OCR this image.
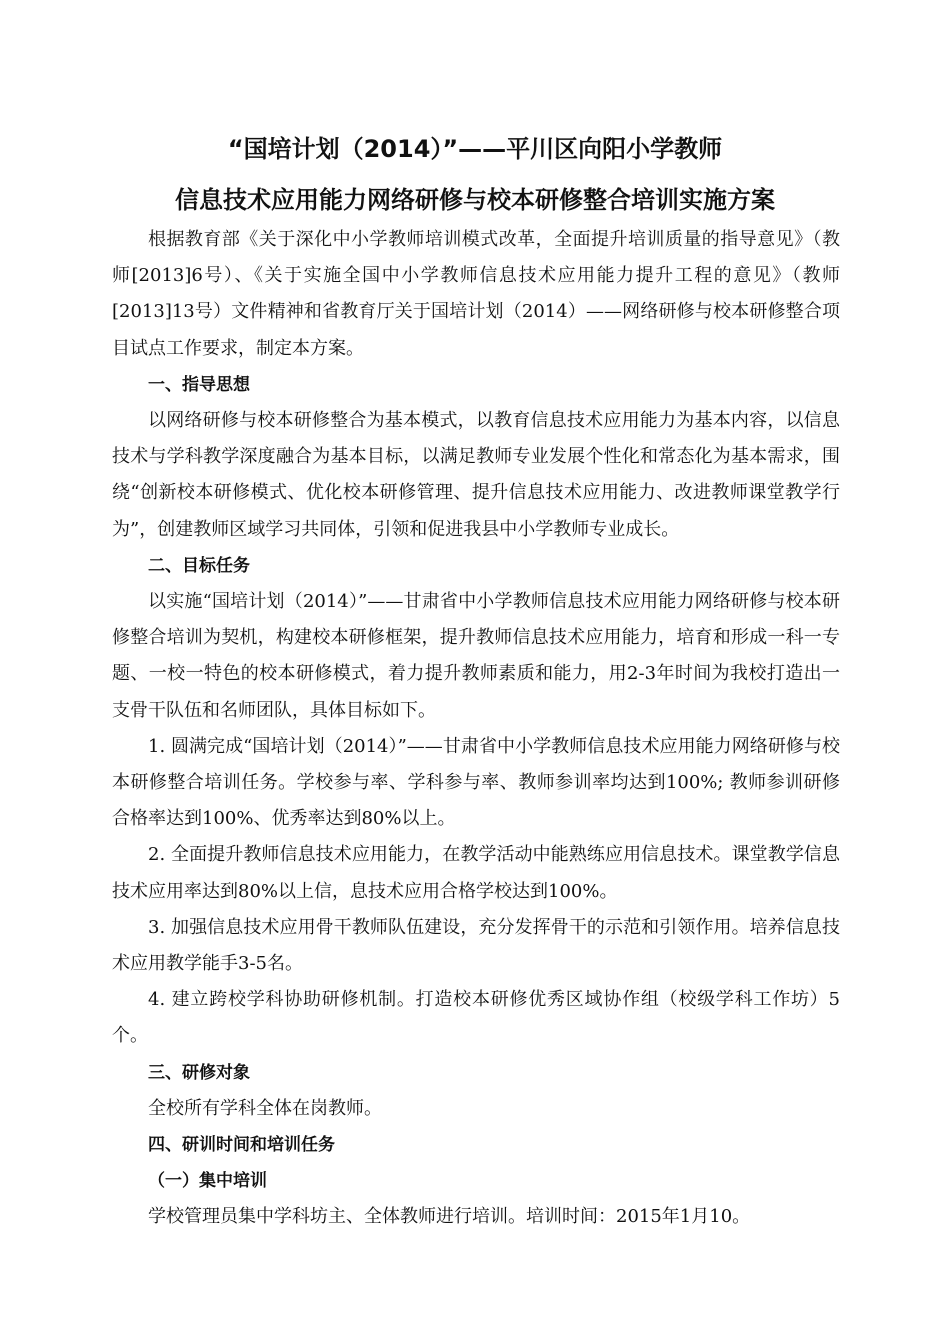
“国培计划（2014）”——平川区向阳小学教师
信息技术应用能力网络研修与校本研修整合培训实施方案

根据教育部《关于深化中小学教师培训模式改革，全面提升培训质量的指导意见》（教师[2013]6号）、《关于实施全国中小学教师信息技术应用能力提升工程的意见》（教师[2013]13号）文件精神和省教育厅关于国培计划（2014）——网络研修与校本研修整合项目试点工作要求，制定本方案。

一、指导思想

以网络研修与校本研修整合为基本模式，以教育信息技术应用能力为基本内容，以信息技术与学科教学深度融合为基本目标，以满足教师专业发展个性化和常态化为基本需求，围绕“创新校本研修模式、优化校本研修管理、提升信息技术应用能力、改进教师课堂教学行为”，创建教师区域学习共同体，引领和促进我县中小学教师专业成长。

二、目标任务

以实施“国培计划（2014）”——甘肃省中小学教师信息技术应用能力网络研修与校本研修整合培训为契机，构建校本研修框架，提升教师信息技术应用能力，培育和形成一科一专题、一校一特色的校本研修模式，着力提升教师素质和能力，用2-3年时间为我校打造出一支骨干队伍和名师团队，具体目标如下。

1. 圆满完成“国培计划（2014）”——甘肃省中小学教师信息技术应用能力网络研修与校本研修整合培训任务。学校参与率、学科参与率、教师参训率均达到100%; 教师参训研修合格率达到100%、优秀率达到80%以上。

2. 全面提升教师信息技术应用能力，在教学活动中能熟练应用信息技术。课堂教学信息技术应用率达到80%以上信，息技术应用合格学校达到100%。

3. 加强信息技术应用骨干教师队伍建设，充分发挥骨干的示范和引领作用。培养信息技术应用教学能手3-5名。

4. 建立跨校学科协助研修机制。打造校本研修优秀区域协作组（校级学科工作坊）5个。

三、研修对象

全校所有学科全体在岗教师。

四、研训时间和培训任务

（一）集中培训

学校管理员集中学科坊主、全体教师进行培训。培训时间：2015年1月10。
